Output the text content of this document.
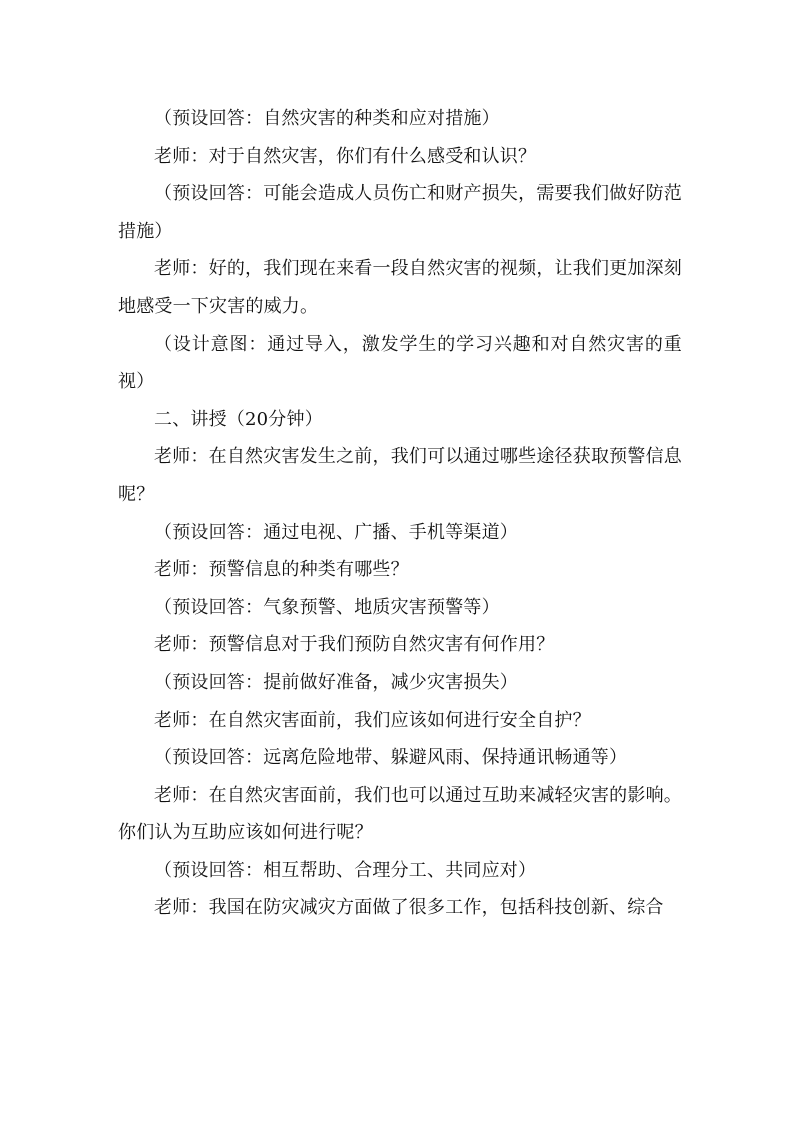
（预设回答：自然灾害的种类和应对措施）

老师：对于自然灾害，你们有什么感受和认识？

（预设回答：可能会造成人员伤亡和财产损失，需要我们做好防范措施）

老师：好的，我们现在来看一段自然灾害的视频，让我们更加深刻地感受一下灾害的威力。

（设计意图：通过导入，激发学生的学习兴趣和对自然灾害的重视）

二、讲授（20分钟）

老师：在自然灾害发生之前，我们可以通过哪些途径获取预警信息呢？

（预设回答：通过电视、广播、手机等渠道）

老师：预警信息的种类有哪些？

（预设回答：气象预警、地质灾害预警等）

老师：预警信息对于我们预防自然灾害有何作用？

（预设回答：提前做好准备，减少灾害损失）

老师：在自然灾害面前，我们应该如何进行安全自护？

（预设回答：远离危险地带、躲避风雨、保持通讯畅通等）

老师：在自然灾害面前，我们也可以通过互助来减轻灾害的影响。你们认为互助应该如何进行呢？

（预设回答：相互帮助、合理分工、共同应对）

老师：我国在防灾减灾方面做了很多工作，包括科技创新、综合
